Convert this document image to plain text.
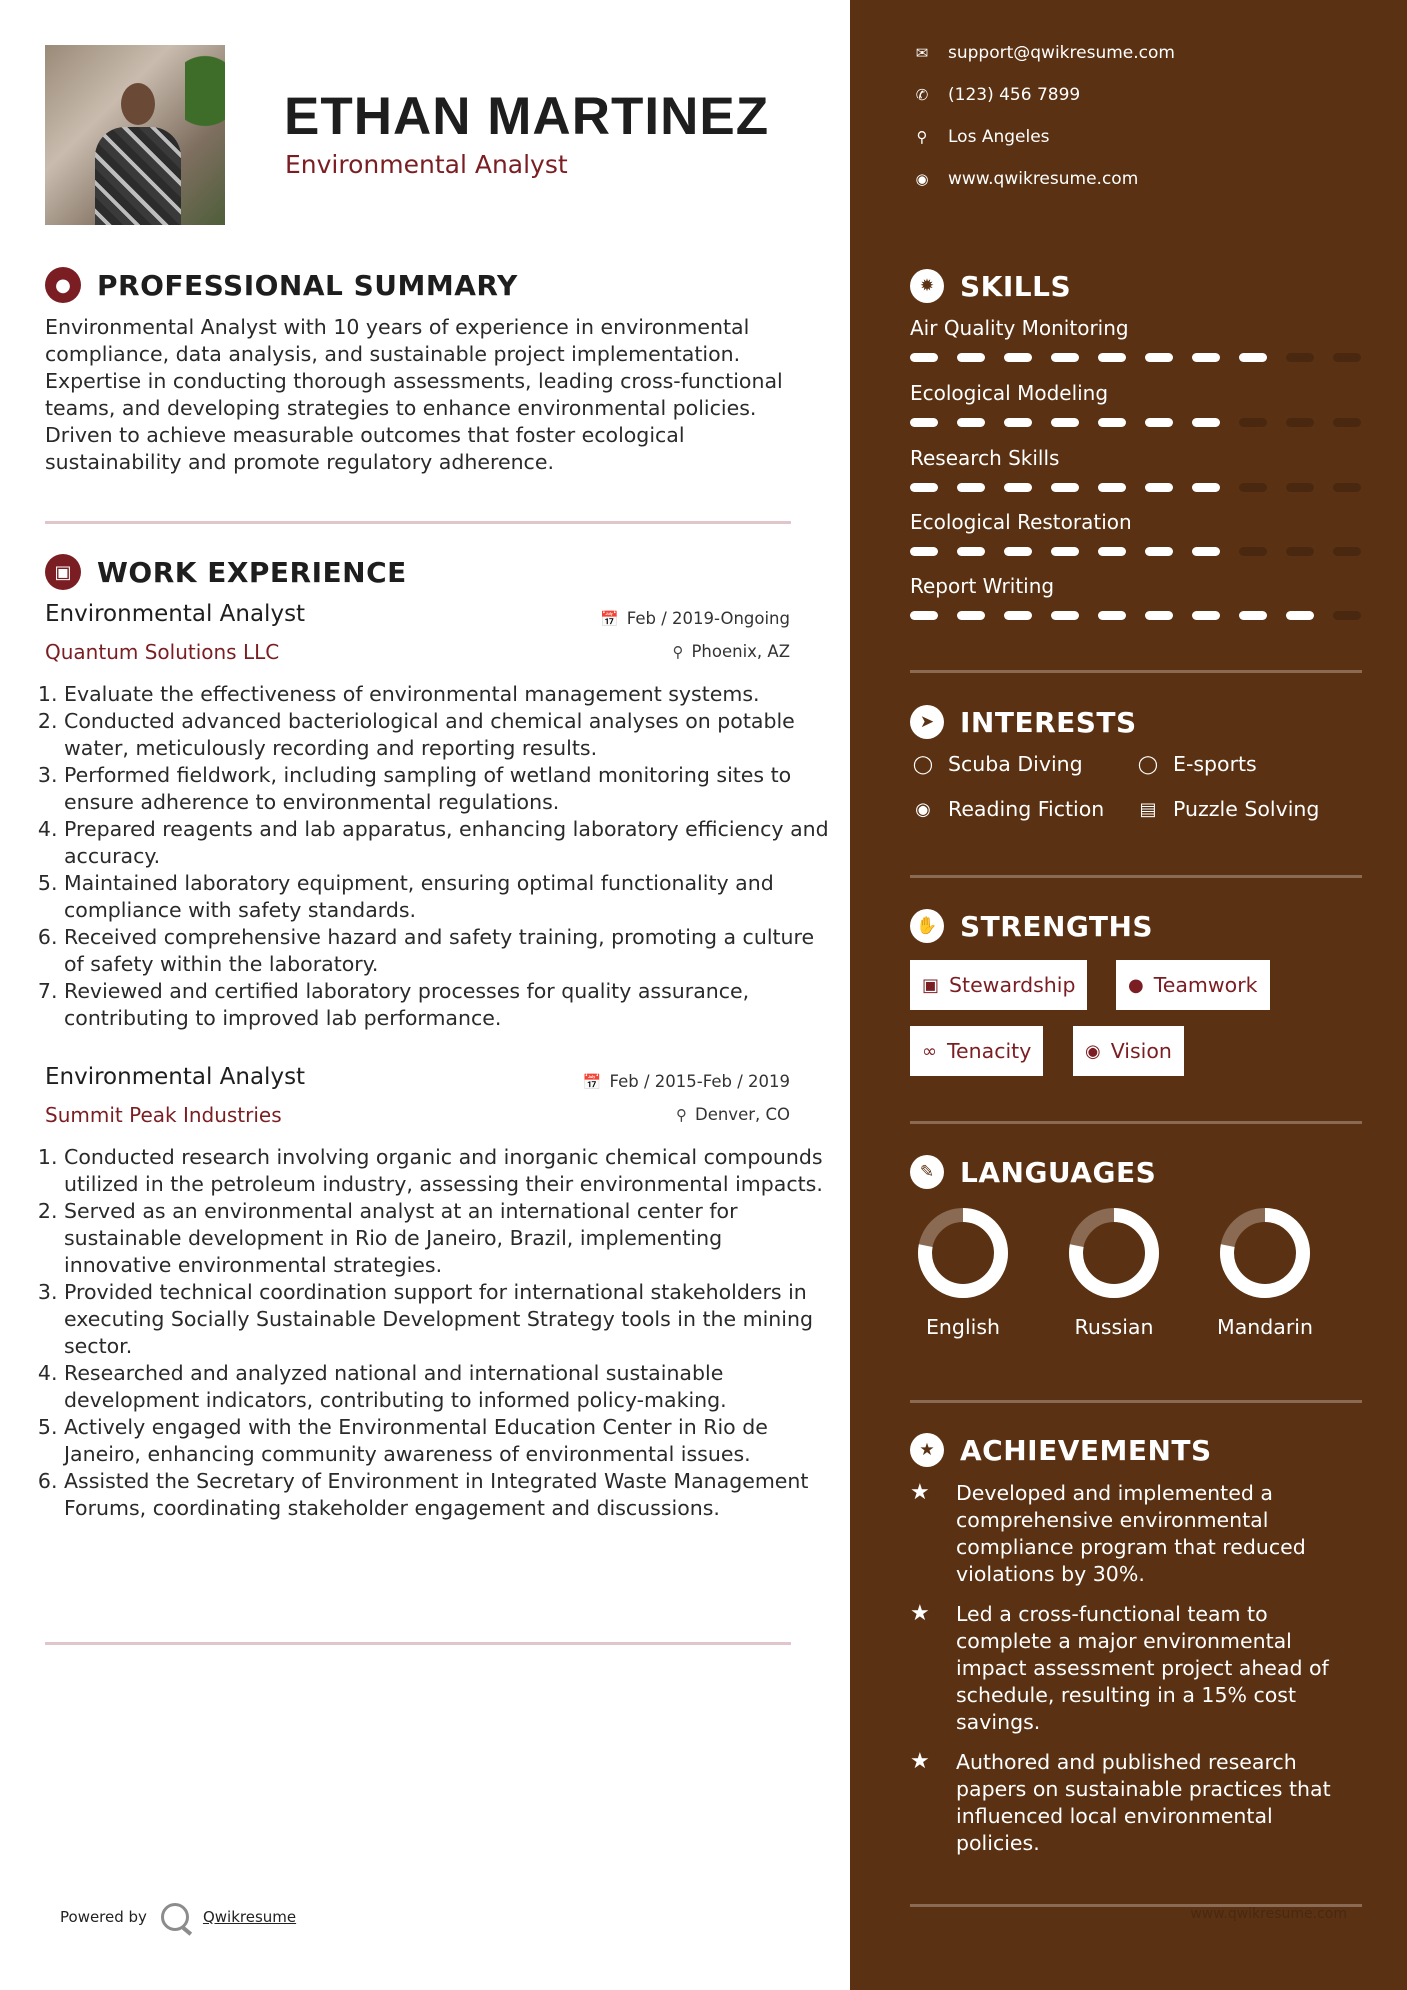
ETHAN MARTINEZ
Environmental Analyst
● PROFESSIONAL SUMMARY
Environmental Analyst with 10 years of experience in environmental compliance, data analysis, and sustainable project implementation. Expertise in conducting thorough assessments, leading cross-functional teams, and developing strategies to enhance environmental policies. Driven to achieve measurable outcomes that foster ecological sustainability and promote regulatory adherence.
▣ WORK EXPERIENCE
Environmental Analyst	📅 Feb / 2019-Ongoing
Quantum Solutions LLC	⚲ Phoenix, AZ
1. Evaluate the effectiveness of environmental management systems.
2. Conducted advanced bacteriological and chemical analyses on potable water, meticulously recording and reporting results.
3. Performed fieldwork, including sampling of wetland monitoring sites to ensure adherence to environmental regulations.
4. Prepared reagents and lab apparatus, enhancing laboratory efficiency and accuracy.
5. Maintained laboratory equipment, ensuring optimal functionality and compliance with safety standards.
6. Received comprehensive hazard and safety training, promoting a culture of safety within the laboratory.
7. Reviewed and certified laboratory processes for quality assurance, contributing to improved lab performance.
Environmental Analyst	📅 Feb / 2015-Feb / 2019
Summit Peak Industries	⚲ Denver, CO
1. Conducted research involving organic and inorganic chemical compounds utilized in the petroleum industry, assessing their environmental impacts.
2. Served as an environmental analyst at an international center for sustainable development in Rio de Janeiro, Brazil, implementing innovative environmental strategies.
3. Provided technical coordination support for international stakeholders in executing Socially Sustainable Development Strategy tools in the mining sector.
4. Researched and analyzed national and international sustainable development indicators, contributing to informed policy-making.
5. Actively engaged with the Environmental Education Center in Rio de Janeiro, enhancing community awareness of environmental issues.
6. Assisted the Secretary of Environment in Integrated Waste Management Forums, coordinating stakeholder engagement and discussions.
Powered by	Qwikresume
✉	support@qwikresume.com
✆	(123) 456 7899
⚲	Los Angeles
◉	www.qwikresume.com
✹ SKILLS
Air Quality Monitoring
Ecological Modeling
Research Skills
Ecological Restoration
Report Writing
➤ INTERESTS
◯ Scuba Diving	◯ E-sports
◉ Reading Fiction ▤ Puzzle Solving
✋ STRENGTHS
▣ Stewardship	● Teamwork
∞ Tenacity	◉ Vision
✎ LANGUAGES
English	Russian	Mandarin
★ ACHIEVEMENTS
★	Developed and implemented a comprehensive environmental compliance program that reduced violations by 30%.
★	Led a cross-functional team to complete a major environmental impact assessment project ahead of schedule, resulting in a 15% cost savings.
★	Authored and published research papers on sustainable practices that influenced local environmental policies.
www.qwikresume.com
